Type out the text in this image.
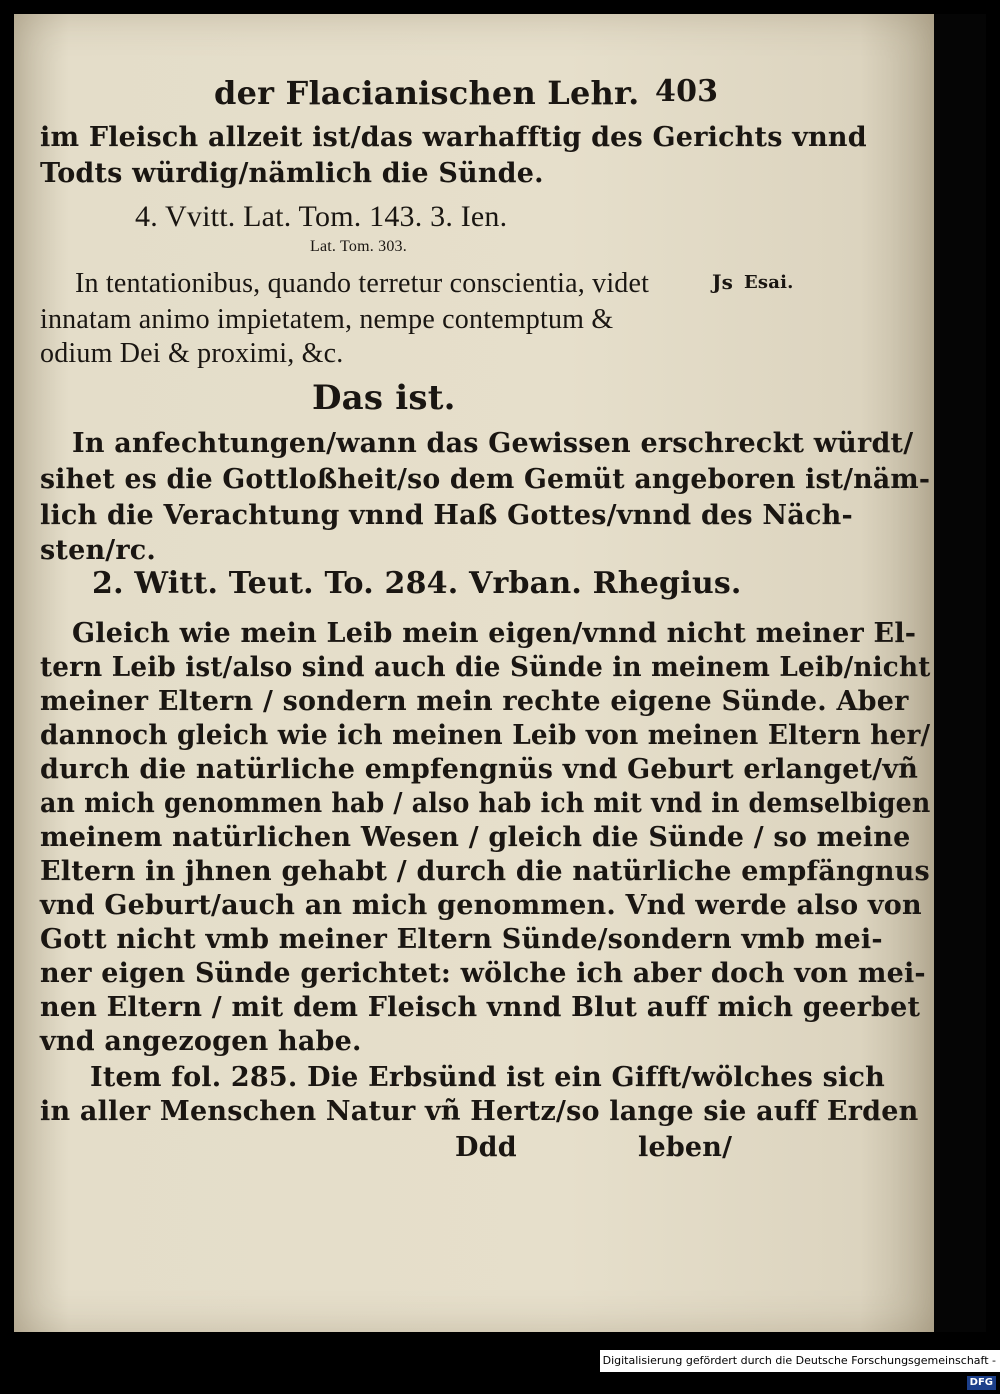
der Flacianischen Lehr. 403
im Fleisch allzeit ist/das warhafftig des Gerichts vnnd
Todts würdig/nämlich die Sünde.
4. Vvitt. Lat. Tom. 143. 3. Ien.
Lat. Tom. 303.
In tentationibus, quando terretur conscientia, videt	Js Esai.
innatam animo impietatem, nempe contemptum &
odium Dei & proximi, &c.
Das ist.
In anfechtungen/wann das Gewissen erschreckt würdt/
sihet es die Gottloßheit/so dem Gemüt angeboren ist/näm-
lich die Verachtung vnnd Haß Gottes/vnnd des Näch-
sten/rc.
2. Witt. Teut. To. 284. Vrban. Rhegius.
Gleich wie mein Leib mein eigen/vnnd nicht meiner El-
tern Leib ist/also sind auch die Sünde in meinem Leib/nicht
meiner Eltern / sondern mein rechte eigene Sünde. Aber
dannoch gleich wie ich meinen Leib von meinen Eltern her/
durch die natürliche empfengnüs vnd Geburt erlanget/vñ
an mich genommen hab / also hab ich mit vnd in demselbigen
meinem natürlichen Wesen / gleich die Sünde / so meine
Eltern in jhnen gehabt / durch die natürliche empfängnus
vnd Geburt/auch an mich genommen. Vnd werde also von
Gott nicht vmb meiner Eltern Sünde/sondern vmb mei-
ner eigen Sünde gerichtet: wölche ich aber doch von mei-
nen Eltern / mit dem Fleisch vnnd Blut auff mich geerbet
vnd angezogen habe.
Item fol. 285. Die Erbsünd ist ein Gifft/wölches sich
in aller Menschen Natur vñ Hertz/so lange sie auff Erden
Ddd	leben/
Digitalisierung gefördert durch die Deutsche Forschungsgemeinschaft -DFG
